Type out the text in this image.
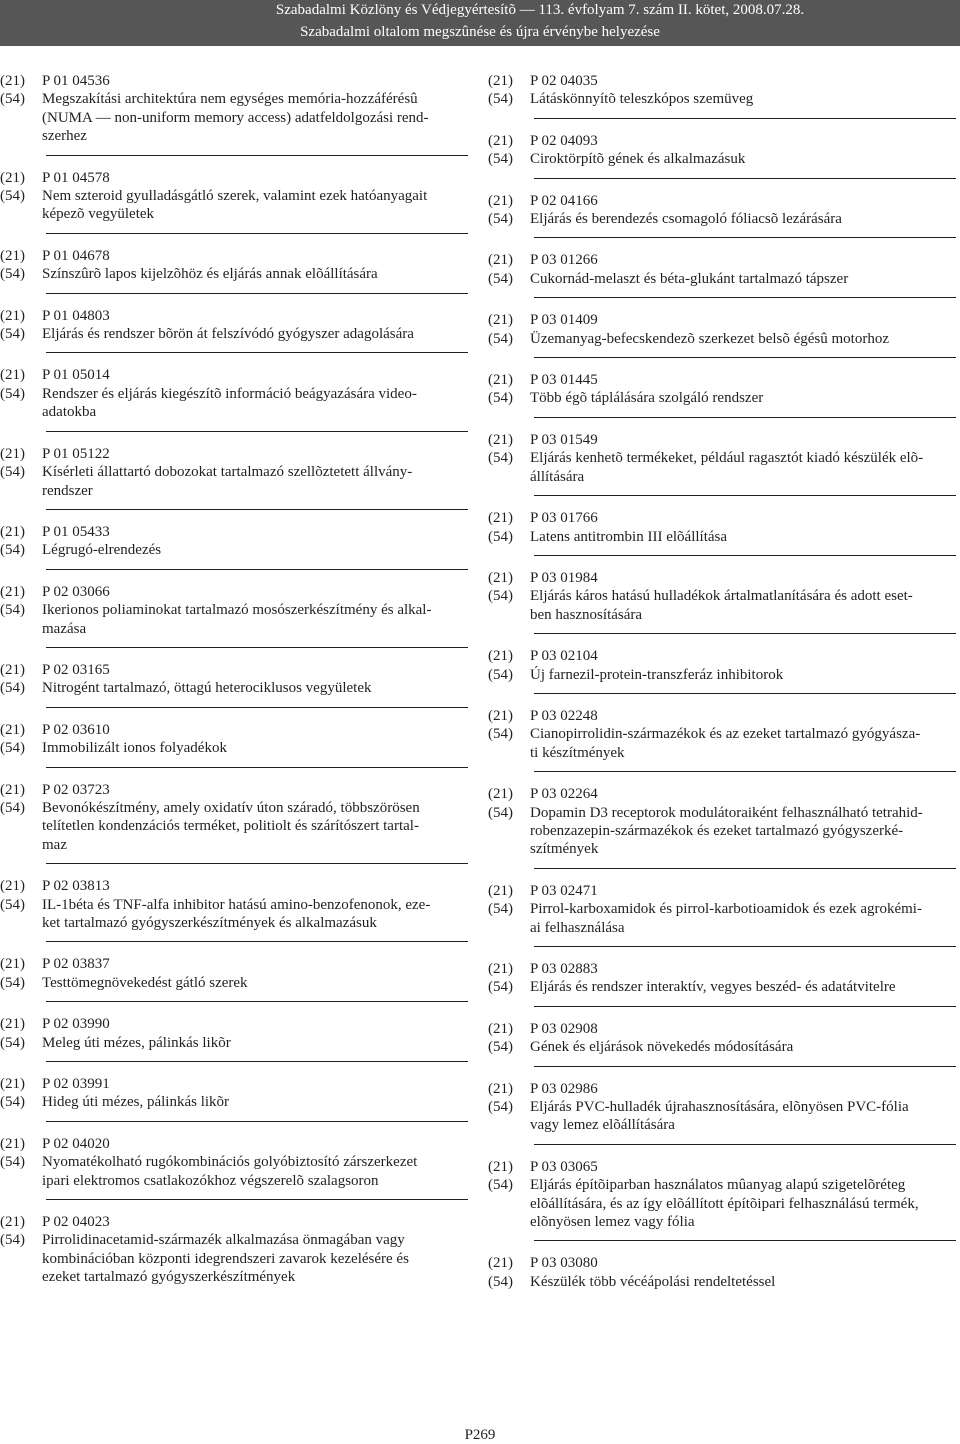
Szabadalmi Közlöny és Védjegyértesítõ — 113. évfolyam 7. szám II. kötet, 2008.07.28.
Szabadalmi oltalom megszûnése és újra érvénybe helyezése
(21) P 01 04536
(54) Megszakítási architektúra nem egységes memória-hozzáférésû
(NUMA — non-uniform memory access) adatfeldolgozási rend-
szerhez
(21) P 01 04578
(54) Nem szteroid gyulladásgátló szerek, valamint ezek hatóanyagait
képezõ vegyületek
(21) P 01 04678
(54) Színszûrõ lapos kijelzõhöz és eljárás annak elõállítására
(21) P 01 04803
(54) Eljárás és rendszer bõrön át felszívódó gyógyszer adagolására
(21) P 01 05014
(54) Rendszer és eljárás kiegészítõ információ beágyazására video-
adatokba
(21) P 01 05122
(54) Kísérleti állattartó dobozokat tartalmazó szellõztetett állvány-
rendszer
(21) P 01 05433
(54) Légrugó-elrendezés
(21) P 02 03066
(54) Ikerionos poliaminokat tartalmazó mosószerkészítmény és alkal-
mazása
(21) P 02 03165
(54) Nitrogént tartalmazó, öttagú heterociklusos vegyületek
(21) P 02 03610
(54) Immobilizált ionos folyadékok
(21) P 02 03723
(54) Bevonókészítmény, amely oxidatív úton száradó, többszörösen
telítetlen kondenzációs terméket, politiolt és szárítószert tartal-
maz
(21) P 02 03813
(54) IL-1béta és TNF-alfa inhibitor hatású amino-benzofenonok, eze-
ket tartalmazó gyógyszerkészítmények és alkalmazásuk
(21) P 02 03837
(54) Testtömegnövekedést gátló szerek
(21) P 02 03990
(54) Meleg úti mézes, pálinkás likõr
(21) P 02 03991
(54) Hideg úti mézes, pálinkás likõr
(21) P 02 04020
(54) Nyomatékolható rugókombinációs golyóbiztosító zárszerkezet
ipari elektromos csatlakozókhoz végszerelõ szalagsoron
(21) P 02 04023
(54) Pirrolidinacetamid-származék alkalmazása önmagában vagy
kombinációban központi idegrendszeri zavarok kezelésére és
ezeket tartalmazó gyógyszerkészítmények
(21) P 02 04035
(54) Látáskönnyítõ teleszkópos szemüveg
(21) P 02 04093
(54) Ciroktörpítõ gének és alkalmazásuk
(21) P 02 04166
(54) Eljárás és berendezés csomagoló fóliacsõ lezárására
(21) P 03 01266
(54) Cukornád-melaszt és béta-glukánt tartalmazó tápszer
(21) P 03 01409
(54) Üzemanyag-befecskendezõ szerkezet belsõ égésû motorhoz
(21) P 03 01445
(54) Több égõ táplálására szolgáló rendszer
(21) P 03 01549
(54) Eljárás kenhetõ termékeket, például ragasztót kiadó készülék elõ-
állítására
(21) P 03 01766
(54) Latens antitrombin III elõállítása
(21) P 03 01984
(54) Eljárás káros hatású hulladékok ártalmatlanítására és adott eset-
ben hasznosítására
(21) P 03 02104
(54) Új farnezil-protein-transzferáz inhibitorok
(21) P 03 02248
(54) Cianopirrolidin-származékok és az ezeket tartalmazó gyógyásza-
ti készítmények
(21) P 03 02264
(54) Dopamin D3 receptorok modulátoraiként felhasználható tetrahid-
robenzazepin-származékok és ezeket tartalmazó gyógyszerké-
szítmények
(21) P 03 02471
(54) Pirrol-karboxamidok és pirrol-karbotioamidok és ezek agrokémi-
ai felhasználása
(21) P 03 02883
(54) Eljárás és rendszer interaktív, vegyes beszéd- és adatátvitelre
(21) P 03 02908
(54) Gének és eljárások növekedés módosítására
(21) P 03 02986
(54) Eljárás PVC-hulladék újrahasznosítására, elõnyösen PVC-fólia
vagy lemez elõállítására
(21) P 03 03065
(54) Eljárás építõiparban használatos mûanyag alapú szigetelõréteg
elõállítására, és az így elõállított építõipari felhasználású termék,
elõnyösen lemez vagy fólia
(21) P 03 03080
(54) Készülék több vécéápolási rendeltetéssel
P269
